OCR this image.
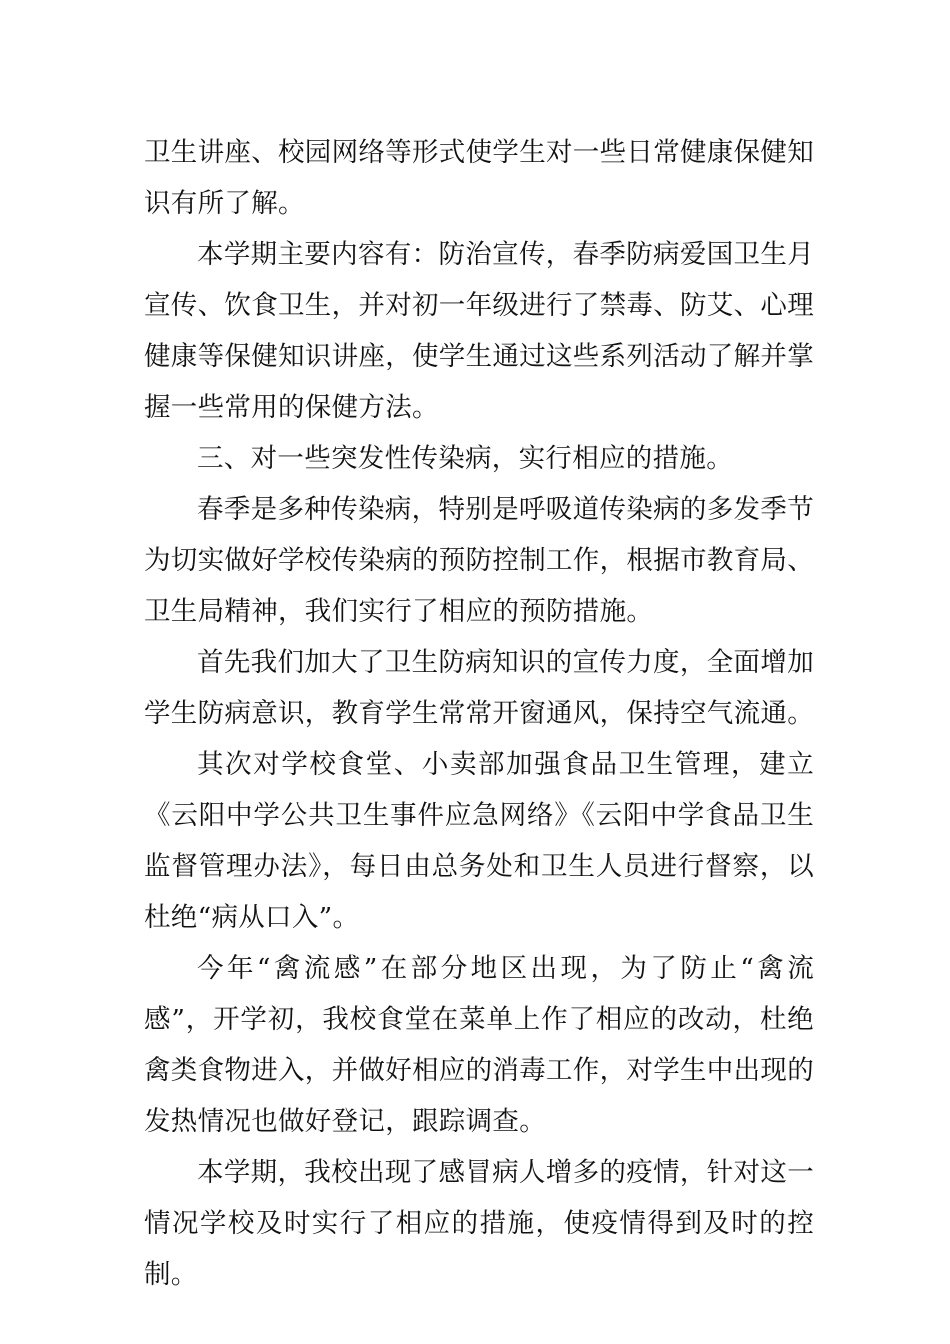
卫生讲座、校园网络等形式使学生对一些日常健康保健知识有所了解。

本学期主要内容有：防治宣传，春季防病爱国卫生月宣传、饮食卫生，并对初一年级进行了禁毒、防艾、心理健康等保健知识讲座，使学生通过这些系列活动了解并掌握一些常用的保健方法。

三、对一些突发性传染病，实行相应的措施。

春季是多种传染病，特别是呼吸道传染病的多发季节为切实做好学校传染病的预防控制工作，根据市教育局、卫生局精神，我们实行了相应的预防措施。

首先我们加大了卫生防病知识的宣传力度，全面增加学生防病意识，教育学生常常开窗通风，保持空气流通。

其次对学校食堂、小卖部加强食品卫生管理，建立《云阳中学公共卫生事件应急网络》《云阳中学食品卫生监督管理办法》，每日由总务处和卫生人员进行督察，以杜绝“病从口入”。

今年“禽流感”在部分地区出现，为了防止“禽流感”，开学初，我校食堂在菜单上作了相应的改动，杜绝禽类食物进入，并做好相应的消毒工作，对学生中出现的发热情况也做好登记，跟踪调查。

本学期，我校出现了感冒病人增多的疫情，针对这一情况学校及时实行了相应的措施，使疫情得到及时的控制。
